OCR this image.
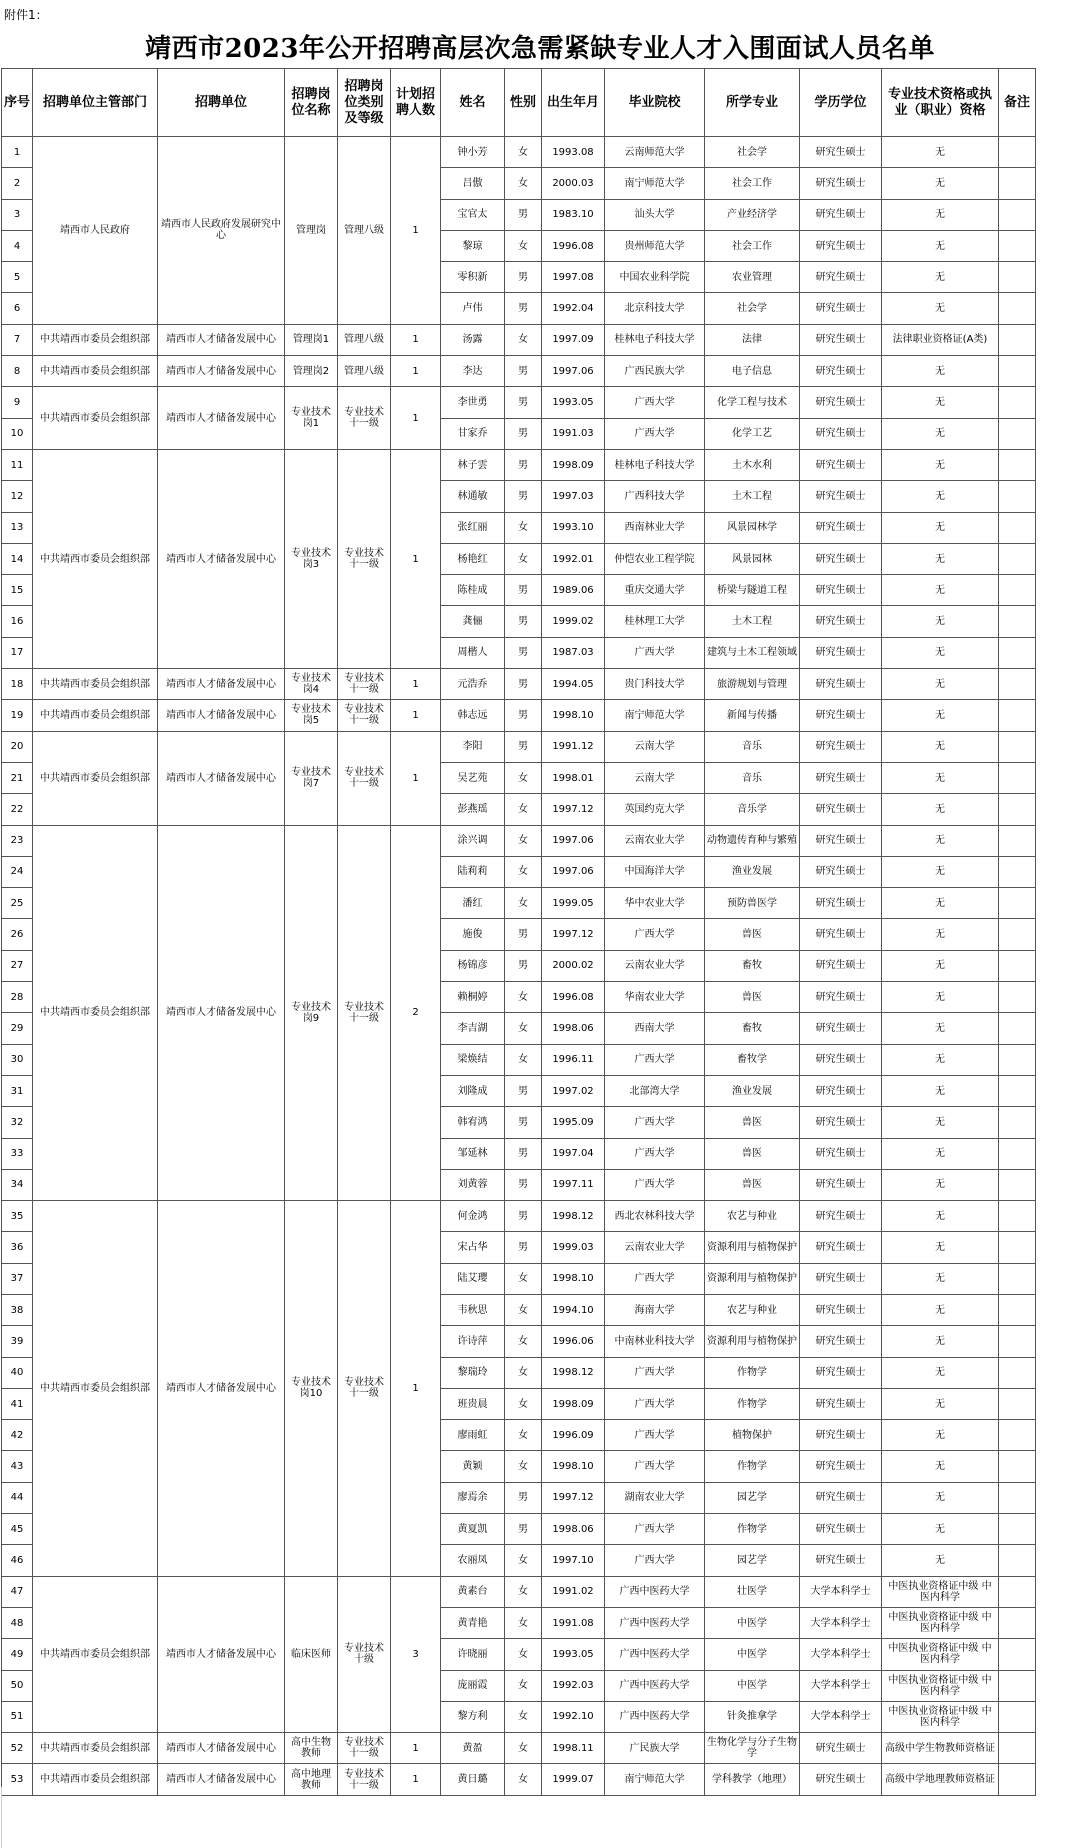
附件1：
靖西市2023年公开招聘高层次急需紧缺专业人才入围面试人员名单
序号	招聘单位主管部门	招聘单位	招聘岗位名称	招聘岗位类别及等级	计划招聘人数	姓名	性别	出生年月	毕业院校	所学专业	学历学位	专业技术资格或执业（职业）资格	备注
1	靖西市人民政府	靖西市人民政府发展研究中心	管理岗	管理八级	1	钟小芳	女	1993.08	云南师范大学	社会学	研究生硕士	无	
2						吕傲	女	2000.03	南宁师范大学	社会工作	研究生硕士	无	
3						宝官太	男	1983.10	汕头大学	产业经济学	研究生硕士	无	
4						黎琼	女	1996.08	贵州师范大学	社会工作	研究生硕士	无	
5						零积新	男	1997.08	中国农业科学院	农业管理	研究生硕士	无	
6						卢伟	男	1992.04	北京科技大学	社会学	研究生硕士	无	
7	中共靖西市委员会组织部	靖西市人才储备发展中心	管理岗1	管理八级	1	汤露	女	1997.09	桂林电子科技大学	法律	研究生硕士	法律职业资格证(A类)	
8	中共靖西市委员会组织部	靖西市人才储备发展中心	管理岗2	管理八级	1	李达	男	1997.06	广西民族大学	电子信息	研究生硕士	无	
9	中共靖西市委员会组织部	靖西市人才储备发展中心	专业技术岗1	专业技术十一级	1	李世勇	男	1993.05	广西大学	化学工程与技术	研究生硕士	无	
10						甘家乔	男	1991.03	广西大学	化学工艺	研究生硕士	无	
11	中共靖西市委员会组织部	靖西市人才储备发展中心	专业技术岗3	专业技术十一级	1	林子雲	男	1998.09	桂林电子科技大学	土木水利	研究生硕士	无	
12						林通敏	男	1997.03	广西科技大学	土木工程	研究生硕士	无	
13						张红丽	女	1993.10	西南林业大学	风景园林学	研究生硕士	无	
14						杨艳红	女	1992.01	仲恺农业工程学院	风景园林	研究生硕士	无	
15						陈桂成	男	1989.06	重庆交通大学	桥梁与隧道工程	研究生硕士	无	
16						龚俪	男	1999.02	桂林理工大学	土木工程	研究生硕士	无	
17						周楷人	男	1987.03	广西大学	建筑与土木工程领域	研究生硕士	无	
18	中共靖西市委员会组织部	靖西市人才储备发展中心	专业技术岗4	专业技术十一级	1	元浩乔	男	1994.05	贵门科技大学	旅游规划与管理	研究生硕士	无	
19	中共靖西市委员会组织部	靖西市人才储备发展中心	专业技术岗5	专业技术十一级	1	韩志远	男	1998.10	南宁师范大学	新闻与传播	研究生硕士	无	
20	中共靖西市委员会组织部	靖西市人才储备发展中心	专业技术岗7	专业技术十一级	1	李阳	男	1991.12	云南大学	音乐	研究生硕士	无	
21						吴艺苑	女	1998.01	云南大学	音乐	研究生硕士	无	
22						彭燕瑶	女	1997.12	英国约克大学	音乐学	研究生硕士	无	
23	中共靖西市委员会组织部	靖西市人才储备发展中心	专业技术岗9	专业技术十一级	2	涂兴调	女	1997.06	云南农业大学	动物遗传育种与繁殖	研究生硕士	无	
24						陆莉莉	女	1997.06	中国海洋大学	渔业发展	研究生硕士	无	
25						潘红	女	1999.05	华中农业大学	预防兽医学	研究生硕士	无	
26						施俊	男	1997.12	广西大学	兽医	研究生硕士	无	
27						杨锦彦	男	2000.02	云南农业大学	畜牧	研究生硕士	无	
28						赖桐婷	女	1996.08	华南农业大学	兽医	研究生硕士	无	
29						李吉湖	女	1998.06	西南大学	畜牧	研究生硕士	无	
30						梁焕结	女	1996.11	广西大学	畜牧学	研究生硕士	无	
31						刘隆成	男	1997.02	北部湾大学	渔业发展	研究生硕士	无	
32						韩宥鸿	男	1995.09	广西大学	兽医	研究生硕士	无	
33						邹延林	男	1997.04	广西大学	兽医	研究生硕士	无	
34						刘黄蓉	男	1997.11	广西大学	兽医	研究生硕士	无	
35	中共靖西市委员会组织部	靖西市人才储备发展中心	专业技术岗10	专业技术十一级	1	何金鸿	男	1998.12	西北农林科技大学	农艺与种业	研究生硕士	无	
36						宋占华	男	1999.03	云南农业大学	资源利用与植物保护	研究生硕士	无	
37						陆艾璎	女	1998.10	广西大学	资源利用与植物保护	研究生硕士	无	
38						韦秋思	女	1994.10	海南大学	农艺与种业	研究生硕士	无	
39						许诗萍	女	1996.06	中南林业科技大学	资源利用与植物保护	研究生硕士	无	
40						黎瑞玲	女	1998.12	广西大学	作物学	研究生硕士	无	
41						班贵晨	女	1998.09	广西大学	作物学	研究生硕士	无	
42						廖雨虹	女	1996.09	广西大学	植物保护	研究生硕士	无	
43						黄颖	女	1998.10	广西大学	作物学	研究生硕士	无	
44						廖焉余	男	1997.12	湖南农业大学	园艺学	研究生硕士	无	
45						黄夏凯	男	1998.06	广西大学	作物学	研究生硕士	无	
46						农丽凤	女	1997.10	广西大学	园艺学	研究生硕士	无	
47	中共靖西市委员会组织部	靖西市人才储备发展中心	临床医师	专业技术十级	3	黄素台	女	1991.02	广西中医药大学	壮医学	大学本科学士	中医执业资格证中级 中医内科学	
48						黄青艳	女	1991.08	广西中医药大学	中医学	大学本科学士	中医执业资格证中级 中医内科学	
49						许晓丽	女	1993.05	广西中医药大学	中医学	大学本科学士	中医执业资格证中级 中医内科学	
50						庞丽霞	女	1992.03	广西中医药大学	中医学	大学本科学士	中医执业资格证中级 中医内科学	
51						黎方利	女	1992.10	广西中医药大学	针灸推拿学	大学本科学士	中医执业资格证中级 中医内科学	
52	中共靖西市委员会组织部	靖西市人才储备发展中心	高中生物教师	专业技术十一级	1	黄盈	女	1998.11	广民族大学	生物化学与分子生物学	研究生硕士	高级中学生物教师资格证	
53	中共靖西市委员会组织部	靖西市人才储备发展中心	高中地理教师	专业技术十一级	1	黄日璐	女	1999.07	南宁师范大学	学科教学（地理）	研究生硕士	高级中学地理教师资格证	
